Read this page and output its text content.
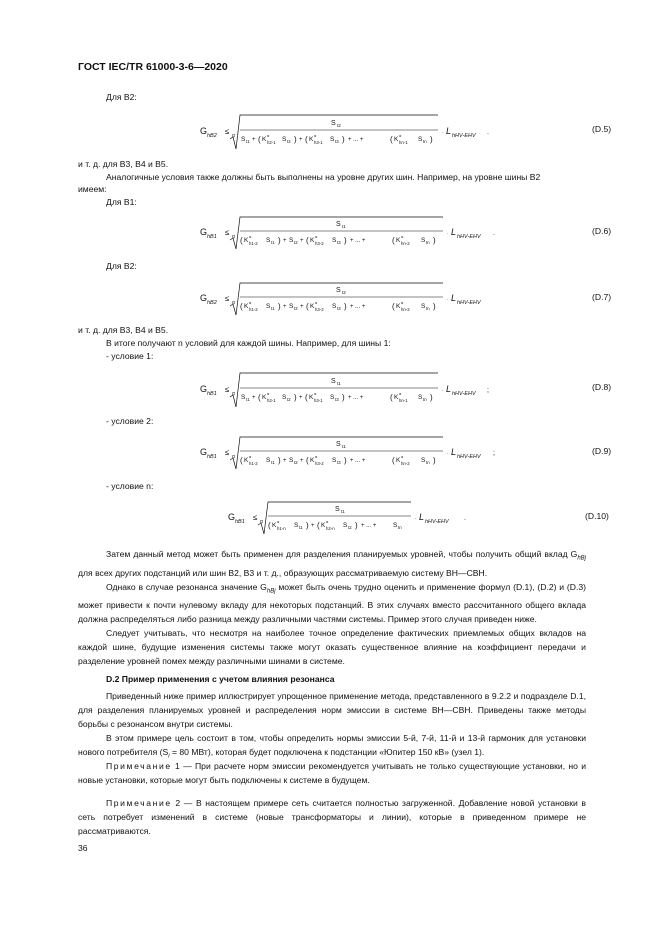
ГОСТ IEC/TR 61000-3-6—2020
Для B2:
G hB2 ≤ α
S t2
S t1 + ( K
α
h2-1 S t2 ) + ( K
α
h3-1 S t3 ) + ... +	( K
α
hn-1 S tn )
· L hHV-EHV .	(D.5)
и т. д. для B3, B4 и B5.
Аналогичные условия также должны быть выполнены на уровне других шин. Например, на уровне шины B2
имеем:
Для B1:
G hB1 ≤ α
S t1
( K
α
h1-2 S t1 ) + S t2 + ( K
α
h3-2 S t3 ) + ... +	( K
α
hn-2 S tn )
· L hHV-EHV .	(D.6)
Для B2:
G hB2 ≤ α
S t2
( K
α
h1-2 S t1 ) + S t2 + ( K
α
h3-2 S t3 ) + ... +	( K
α
hn-2 S tn )
· L hHV-EHV
(D.7)
и т. д. для B3, B4 и B5.
В итоге получают n условий для каждой шины. Например, для шины 1:
- условие 1:
G hB1 ≤ α
S t1
S t1 + ( K
α
h2-1 S t2 ) + ( K
α
h3-1 S t3 ) + ... +	( K
α
hn-1 S tn )
· L hHV-EHV ;	(D.8)
- условие 2:
G hB1 ≤ α
S t1
( K
α
h1-2 S t1 ) + S t2 + ( K
α
h3-2 S t3 ) + ... +	( K
α
hn-2 S tn )
· L hHV-EHV ;	(D.9)
- условие n:
G hB1 ≤ α
S t1
( K
α
h1-n S t1 ) + ( K
α
h2-n S t2 ) + ... +	S tn
· L hHV-EHV .	(D.10)

Затем данный метод может быть применен для разделения планируемых уровней, чтобы получить общий вклад $G_{hBj}$ для всех других подстанций или шин B2, B3 и т. д., образующих рассматриваемую систему ВН—СВН.

Однако в случае резонанса значение $G_{hBj}$ может быть очень трудно оценить и применение формул (D.1), (D.2) и (D.3) может привести к почти нулевому вкладу для некоторых подстанций. В этих случаях вместо рассчитанного общего вклада должна распределяться либо разница между различными частями системы. Пример этого случая приведен ниже.

Следует учитывать, что несмотря на наиболее точное определение фактических приемлемых общих вкладов на каждой шине, будущие изменения системы также могут оказать существенное влияние на коэффициент передачи и разделение уровней помех между различными шинами в системе.

D.2 Пример применения с учетом влияния резонанса

Приведенный ниже пример иллюстрирует упрощенное применение метода, представленного в 9.2.2 и подразделе D.1, для разделения планируемых уровней и распределения норм эмиссии в системе ВН—СВН. Приведены также методы борьбы с резонансом внутри системы.

В этом примере цель состоит в том, чтобы определить нормы эмиссии 5-й, 7-й, 11-й и 13-й гармоник для установки нового потребителя ($S_i = 80$ МВт), которая будет подключена к подстанции «Юпитер 150 кВ» (узел 1).

Примечание 1 — При расчете норм эмиссии рекомендуется учитывать не только существующие установки, но и новые установки, которые могут быть подключены к системе в будущем.

Примечание 2 — В настоящем примере сеть считается полностью загруженной. Добавление новой установки в сеть потребует изменений в системе (новые трансформаторы и линии), которые в приведенном примере не рассматриваются.

36
